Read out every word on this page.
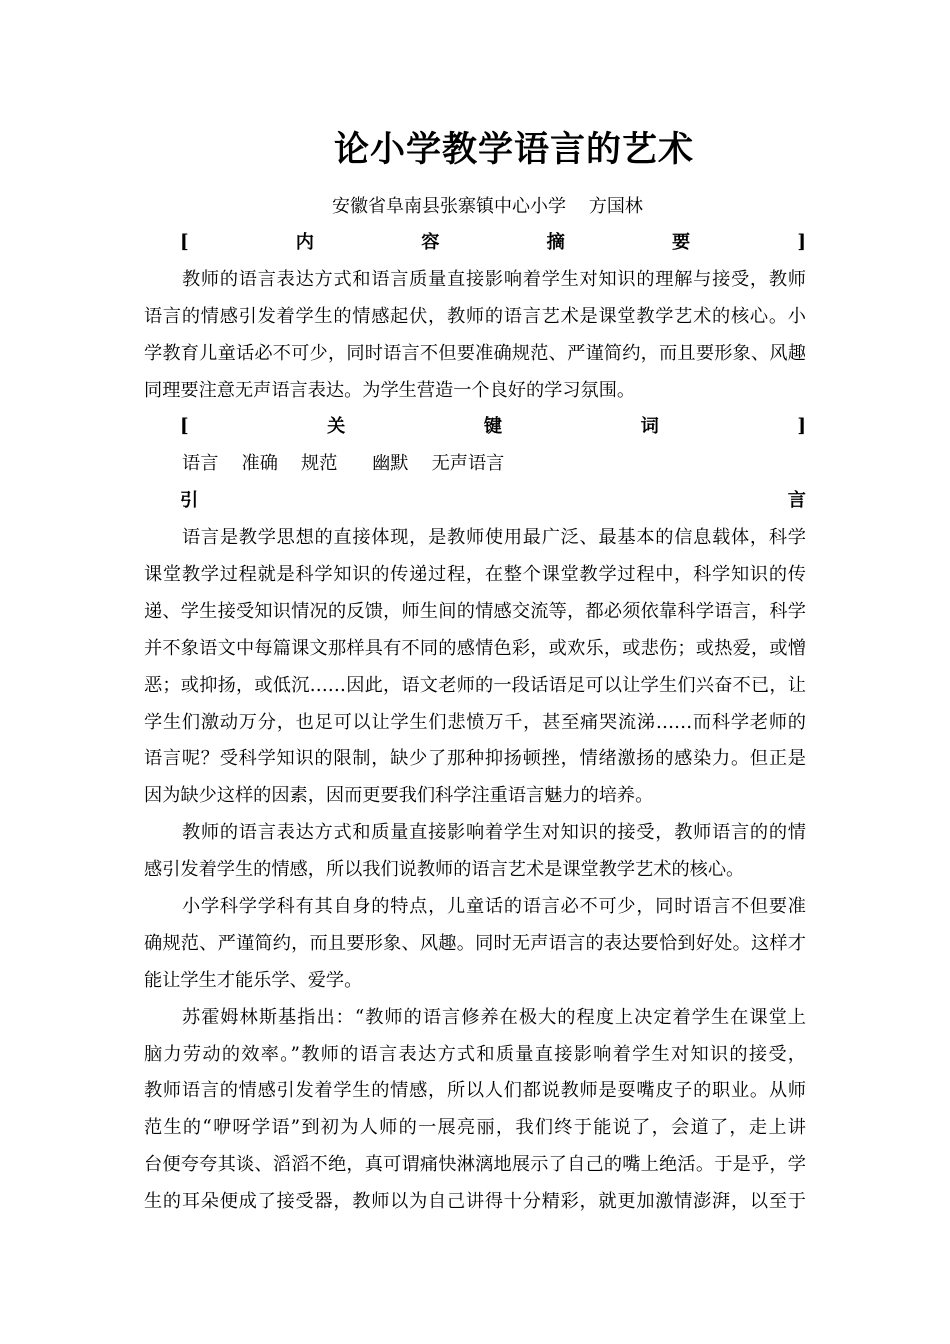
论小学教学语言的艺术
安徽省阜南县张寨镇中心小学    方国林
[内容摘要]
教师的语言表达方式和语言质量直接影响着学生对知识的理解与接受，教师
语言的情感引发着学生的情感起伏，教师的语言艺术是课堂教学艺术的核心。小
学教育儿童话必不可少，同时语言不但要准确规范、严谨简约，而且要形象、风趣
同理要注意无声语言表达。为学生营造一个良好的学习氛围。
[关键词]
语言    准确    规范      幽默    无声语言
引言
语言是教学思想的直接体现，是教师使用最广泛、最基本的信息载体，科学
课堂教学过程就是科学知识的传递过程，在整个课堂教学过程中，科学知识的传
递、学生接受知识情况的反馈，师生间的情感交流等，都必须依靠科学语言，科学
并不象语文中每篇课文那样具有不同的感情色彩，或欢乐，或悲伤；或热爱，或憎
恶；或抑扬，或低沉……因此，语文老师的一段话语足可以让学生们兴奋不已，让
学生们激动万分，也足可以让学生们悲愤万千，甚至痛哭流涕……而科学老师的
语言呢？受科学知识的限制，缺少了那种抑扬顿挫，情绪激扬的感染力。但正是
因为缺少这样的因素，因而更要我们科学注重语言魅力的培养。
教师的语言表达方式和质量直接影响着学生对知识的接受，教师语言的的情
感引发着学生的情感，所以我们说教师的语言艺术是课堂教学艺术的核心。
小学科学学科有其自身的特点，儿童话的语言必不可少，同时语言不但要准
确规范、严谨简约，而且要形象、风趣。同时无声语言的表达要恰到好处。这样才
能让学生才能乐学、爱学。
苏霍姆林斯基指出：“教师的语言修养在极大的程度上决定着学生在课堂上
脑力劳动的效率。”教师的语言表达方式和质量直接影响着学生对知识的接受，
教师语言的情感引发着学生的情感，所以人们都说教师是耍嘴皮子的职业。从师
范生的“咿呀学语”到初为人师的一展亮丽，我们终于能说了，会道了，走上讲
台便夸夸其谈、滔滔不绝，真可谓痛快淋漓地展示了自己的嘴上绝活。于是乎，学
生的耳朵便成了接受器，教师以为自己讲得十分精彩，就更加激情澎湃，以至于
